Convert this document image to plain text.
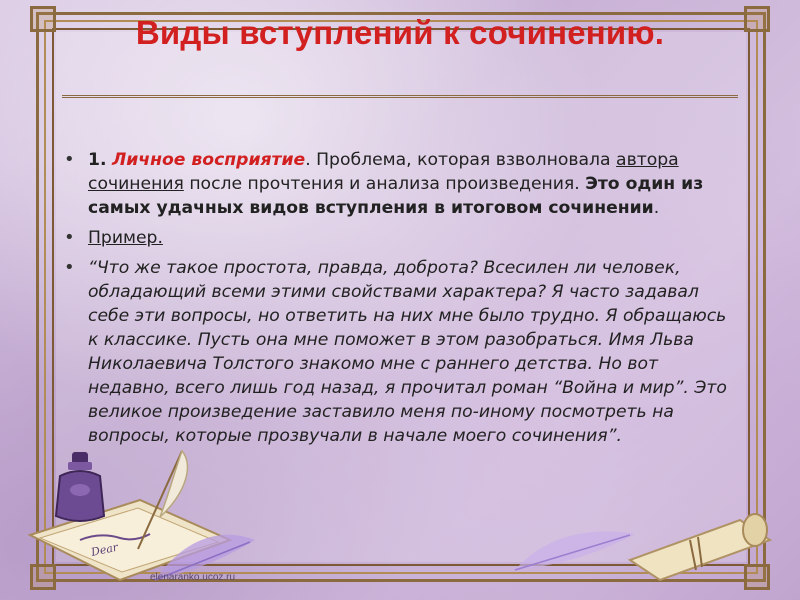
Виды вступлений к сочинению.
• 1. Личное восприятие. Проблема, которая взволновала автора сочинения после прочтения и анализа произведения. Это один из самых удачных видов вступления в итоговом сочинении.
• Пример.
• “Что же такое простота, правда, доброта? Всесилен ли человек, обладающий всеми этими свойствами характера? Я часто задавал себе эти вопросы, но ответить на них мне было трудно. Я обращаюсь к классике. Пусть она мне поможет в этом разобраться. Имя Льва Николаевича Толстого знакомо мне с раннего детства. Но вот недавно, всего лишь год назад, я прочитал роман “Война и мир”. Это великое произведение заставило меня по-иному посмотреть на вопросы, которые прозвучали в начале моего сочинения”.
Dear
elenaranko.ucoz.ru
